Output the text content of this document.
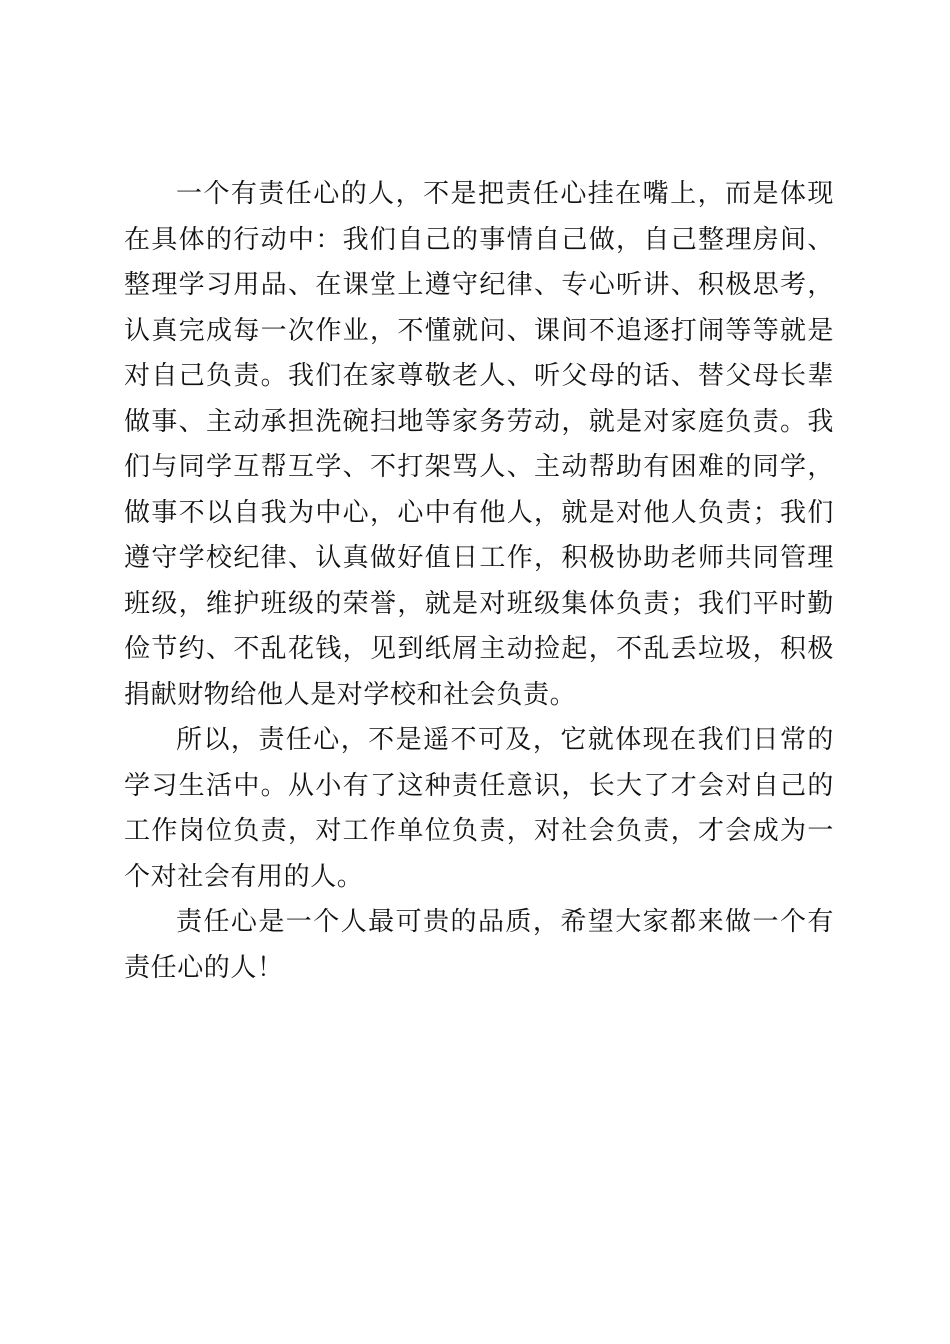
一个有责任心的人，不是把责任心挂在嘴上，而是体现在具体的行动中：我们自己的事情自己做，自己整理房间、整理学习用品、在课堂上遵守纪律、专心听讲、积极思考，认真完成每一次作业，不懂就问、课间不追逐打闹等等就是对自己负责。我们在家尊敬老人、听父母的话、替父母长辈做事、主动承担洗碗扫地等家务劳动，就是对家庭负责。我们与同学互帮互学、不打架骂人、主动帮助有困难的同学，做事不以自我为中心，心中有他人，就是对他人负责；我们遵守学校纪律、认真做好值日工作，积极协助老师共同管理班级，维护班级的荣誉，就是对班级集体负责；我们平时勤俭节约、不乱花钱，见到纸屑主动捡起，不乱丢垃圾，积极捐献财物给他人是对学校和社会负责。

所以，责任心，不是遥不可及，它就体现在我们日常的学习生活中。从小有了这种责任意识，长大了才会对自己的工作岗位负责，对工作单位负责，对社会负责，才会成为一个对社会有用的人。

责任心是一个人最可贵的品质，希望大家都来做一个有责任心的人！
